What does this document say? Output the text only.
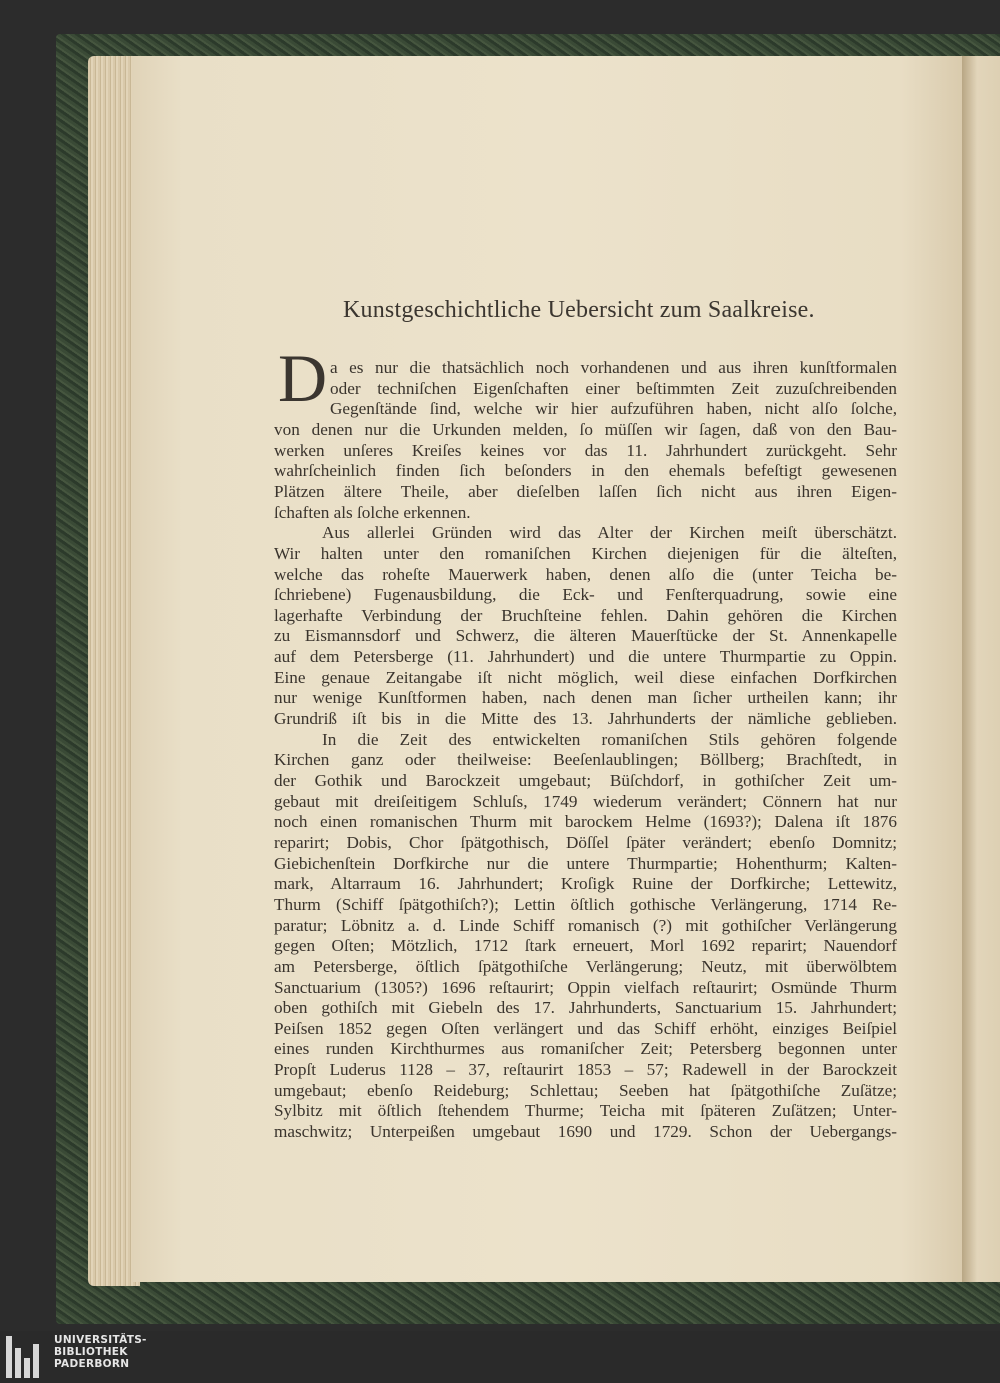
Kunstgeschichtliche Uebersicht zum Saalkreise.
D a es nur die thatsächlich noch vorhandenen und aus ihren kunſtformalen
oder techniſchen Eigenſchaften einer beſtimmten Zeit zuzuſchreibenden
Gegenſtände ſind, welche wir hier aufzuführen haben, nicht alſo ſolche,
von denen nur die Urkunden melden, ſo müſſen wir ſagen, daß von den Bau-
werken unſeres Kreiſes keines vor das 11. Jahrhundert zurückgeht. Sehr
wahrſcheinlich finden ſich beſonders in den ehemals befeſtigt gewesenen
Plätzen ältere Theile, aber dieſelben laſſen ſich nicht aus ihren Eigen-
ſchaften als ſolche erkennen.
Aus allerlei Gründen wird das Alter der Kirchen meiſt überschätzt.
Wir halten unter den romaniſchen Kirchen diejenigen für die älteſten,
welche das roheſte Mauerwerk haben, denen alſo die (unter Teicha be-
ſchriebene) Fugenausbildung, die Eck- und Fenſterquadrung, sowie eine
lagerhafte Verbindung der Bruchſteine fehlen. Dahin gehören die Kirchen
zu Eismannsdorf und Schwerz, die älteren Mauerſtücke der St. Annenkapelle
auf dem Petersberge (11. Jahrhundert) und die untere Thurmpartie zu Oppin.
Eine genaue Zeitangabe iſt nicht möglich, weil diese einfachen Dorfkirchen
nur wenige Kunſtformen haben, nach denen man ſicher urtheilen kann; ihr
Grundriß iſt bis in die Mitte des 13. Jahrhunderts der nämliche geblieben.
In die Zeit des entwickelten romaniſchen Stils gehören folgende
Kirchen ganz oder theilweise: Beeſenlaublingen; Böllberg; Brachſtedt, in
der Gothik und Barockzeit umgebaut; Büſchdorf, in gothiſcher Zeit um-
gebaut mit dreiſeitigem Schluſs, 1749 wiederum verändert; Cönnern hat nur
noch einen romanischen Thurm mit barockem Helme (1693?); Dalena iſt 1876
reparirt; Dobis, Chor ſpätgothisch, Döſſel ſpäter verändert; ebenſo Domnitz;
Giebichenſtein Dorfkirche nur die untere Thurmpartie; Hohenthurm; Kalten-
mark, Altarraum 16. Jahrhundert; Kroſigk Ruine der Dorfkirche; Lettewitz,
Thurm (Schiff ſpätgothiſch?); Lettin öſtlich gothische Verlängerung, 1714 Re-
paratur; Löbnitz a. d. Linde Schiff romanisch (?) mit gothiſcher Verlängerung
gegen Oſten; Mötzlich, 1712 ſtark erneuert, Morl 1692 reparirt; Nauendorf
am Petersberge, öſtlich ſpätgothiſche Verlängerung; Neutz, mit überwölbtem
Sanctuarium (1305?) 1696 reſtaurirt; Oppin vielfach reſtaurirt; Osmünde Thurm
oben gothiſch mit Giebeln des 17. Jahrhunderts, Sanctuarium 15. Jahrhundert;
Peiſsen 1852 gegen Oſten verlängert und das Schiff erhöht, einziges Beiſpiel
eines runden Kirchthurmes aus romaniſcher Zeit; Petersberg begonnen unter
Propſt Luderus 1128 – 37, reſtaurirt 1853 – 57; Radewell in der Barockzeit
umgebaut; ebenſo Reideburg; Schlettau; Seeben hat ſpätgothiſche Zuſätze;
Sylbitz mit öſtlich ſtehendem Thurme; Teicha mit ſpäteren Zuſätzen; Unter-
maschwitz; Unterpeißen umgebaut 1690 und 1729. Schon der Uebergangs-
UNIVERSITÄTS-
BIBLIOTHEK
PADERBORN
